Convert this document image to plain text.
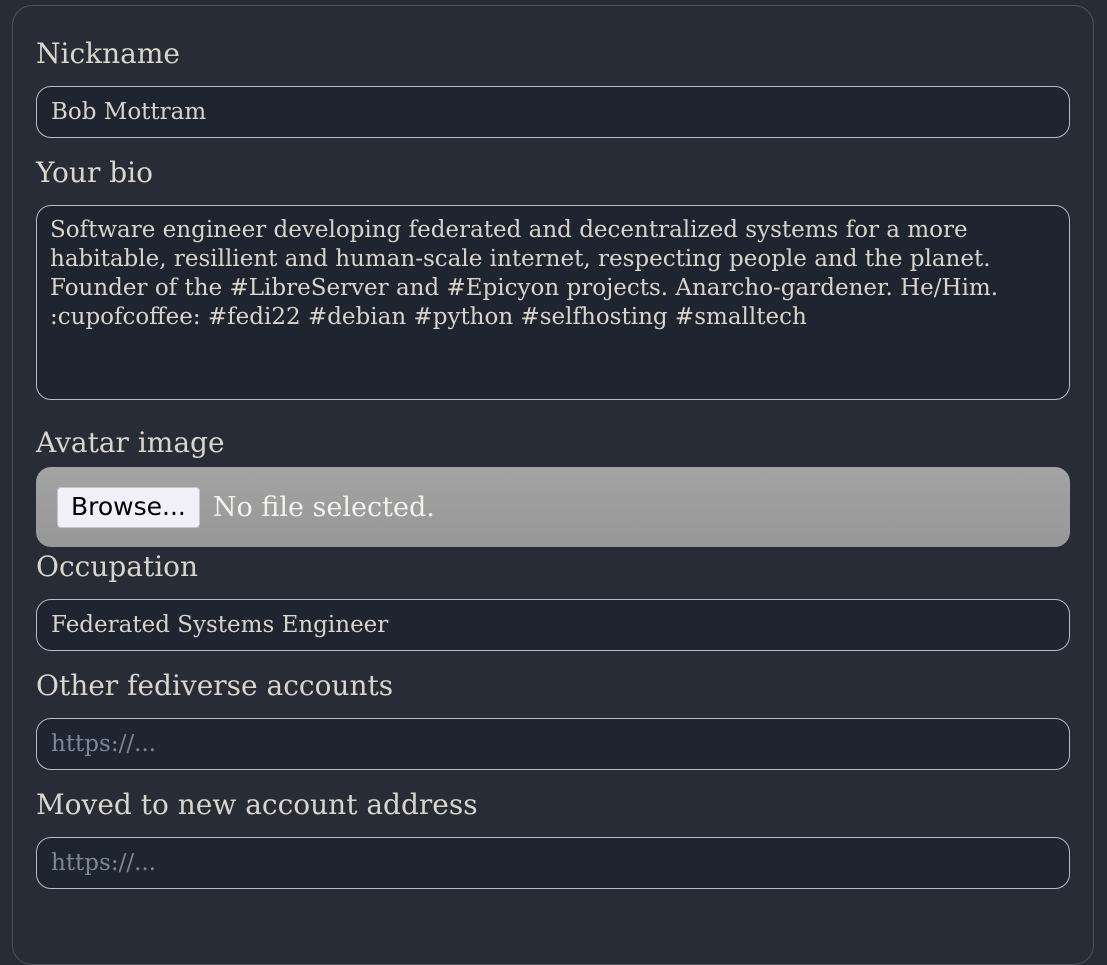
Nickname
Bob Mottram
Your bio
Software engineer developing federated and decentralized systems for a more habitable, resillient and human-scale internet, respecting people and the planet. Founder of the #LibreServer and #Epicyon projects. Anarcho-gardener. He/Him. :cupofcoffee: #fedi22 #debian #python #selfhosting #smalltech
Avatar image
Browse...	No file selected.
Occupation
Federated Systems Engineer
Other fediverse accounts
https://...
Moved to new account address
https://...
